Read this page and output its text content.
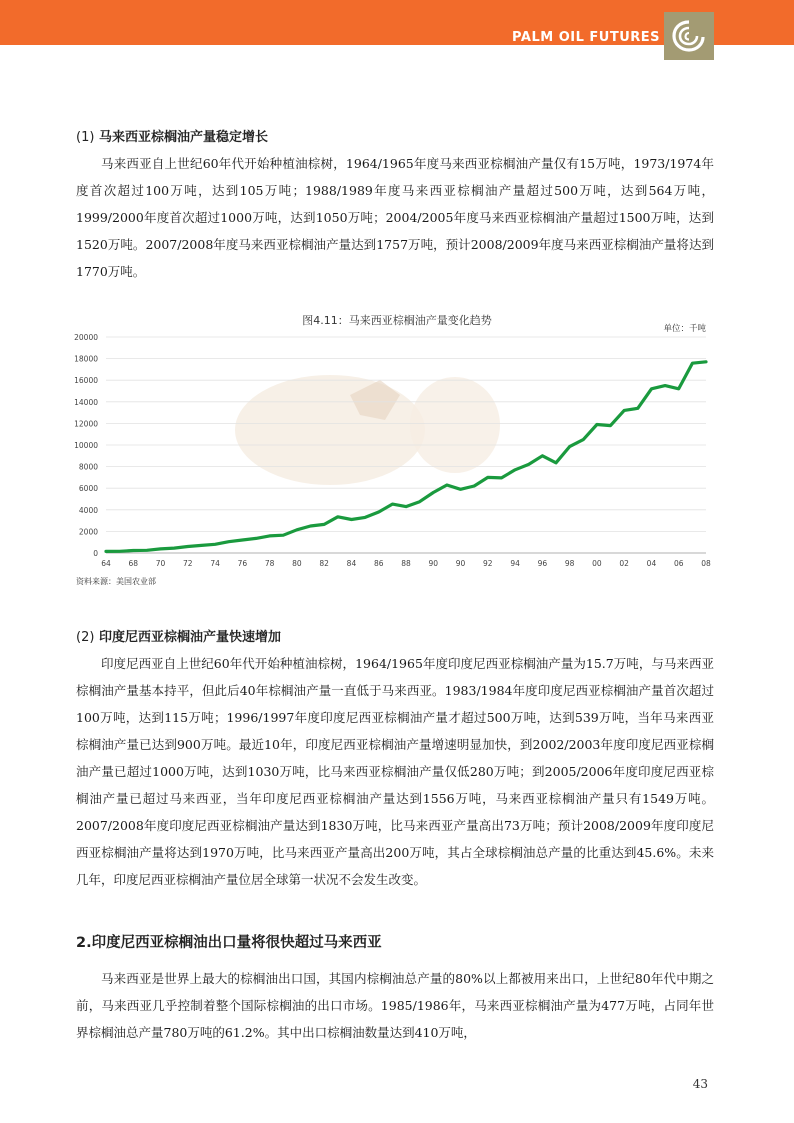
PALM OIL FUTURES
(1) 马来西亚棕榈油产量稳定增长
马来西亚自上世纪60年代开始种植油棕树，1964/1965年度马来西亚棕榈油产量仅有15万吨，1973/1974年度首次超过100万吨，达到105万吨；1988/1989年度马来西亚棕榈油产量超过500万吨，达到564万吨，1999/2000年度首次超过1000万吨，达到1050万吨；2004/2005年度马来西亚棕榈油产量超过1500万吨，达到1520万吨。2007/2008年度马来西亚棕榈油产量达到1757万吨，预计2008/2009年度马来西亚棕榈油产量将达到1770万吨。
图4.11：马来西亚棕榈油产量变化趋势
单位：千吨
0
2000
4000
6000
8000
10000
12000
14000
16000
18000
20000
64 68 70 72 74 76 78 80 82 84 86 88 90 90 92 94 96 98 00 02 04 06 08
资料来源：美国农业部
(2) 印度尼西亚棕榈油产量快速增加
印度尼西亚自上世纪60年代开始种植油棕树，1964/1965年度印度尼西亚棕榈油产量为15.7万吨，与马来西亚棕榈油产量基本持平，但此后40年棕榈油产量一直低于马来西亚。1983/1984年度印度尼西亚棕榈油产量首次超过100万吨，达到115万吨；1996/1997年度印度尼西亚棕榈油产量才超过500万吨，达到539万吨，当年马来西亚棕榈油产量已达到900万吨。最近10年，印度尼西亚棕榈油产量增速明显加快，到2002/2003年度印度尼西亚棕榈油产量已超过1000万吨，达到1030万吨，比马来西亚棕榈油产量仅低280万吨；到2005/2006年度印度尼西亚棕榈油产量已超过马来西亚，当年印度尼西亚棕榈油产量达到1556万吨，马来西亚棕榈油产量只有1549万吨。2007/2008年度印度尼西亚棕榈油产量达到1830万吨，比马来西亚产量高出73万吨；预计2008/2009年度印度尼西亚棕榈油产量将达到1970万吨，比马来西亚产量高出200万吨，其占全球棕榈油总产量的比重达到45.6%。未来几年，印度尼西亚棕榈油产量位居全球第一状况不会发生改变。
2.印度尼西亚棕榈油出口量将很快超过马来西亚
马来西亚是世界上最大的棕榈油出口国，其国内棕榈油总产量的80%以上都被用来出口，上世纪80年代中期之前，马来西亚几乎控制着整个国际棕榈油的出口市场。1985/1986年，马来西亚棕榈油产量为477万吨，占同年世界棕榈油总产量780万吨的61.2%。其中出口棕榈油数量达到410万吨，
43
